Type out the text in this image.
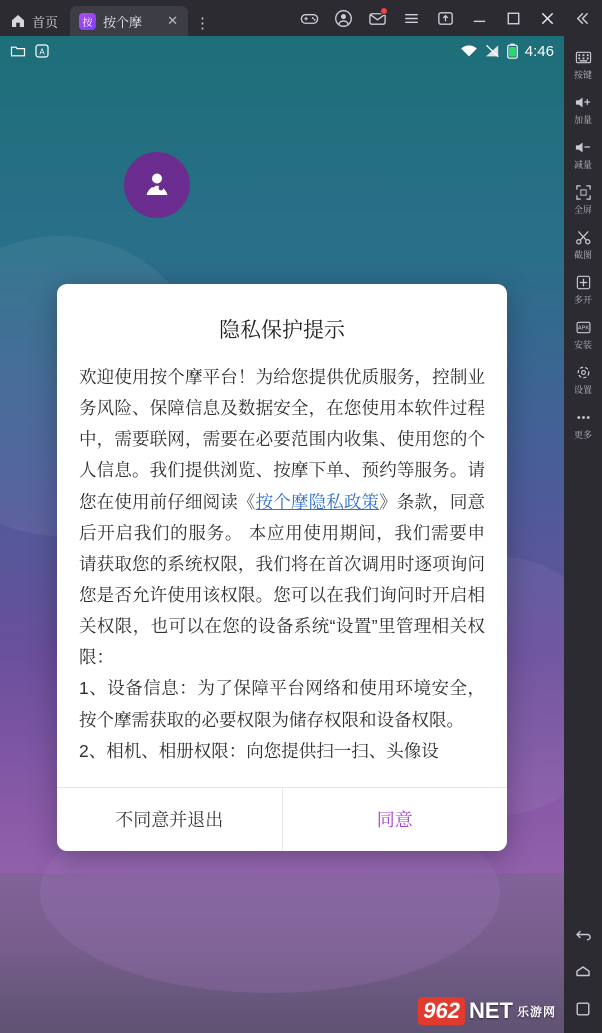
首页	按 按个摩	✕	⋮
A	4:46
隐私保护提示

欢迎使用按个摩平台！为给您提供优质服务，控制业务风险、保障信息及数据安全，在您使用本软件过程中，需要联网，需要在必要范围内收集、使用您的个人信息。我们提供浏览、按摩下单、预约等服务。请您在使用前仔细阅读《按个摩隐私政策》条款，同意后开启我们的服务。 本应用使用期间，我们需要申请获取您的系统权限，我们将在首次调用时逐项询问您是否允许使用该权限。您可以在我们询问时开启相关权限，也可以在您的设备系统“设置”里管理相关权限：

1、设备信息：为了保障平台网络和使用环境安全，按个摩需获取的必要权限为储存权限和设备权限。

2、相机、相册权限：向您提供扫一扫、头像设

不同意并退出	同意
962 NET 乐游网
按键
加量
减量
全屏
截图
多开
APK
安装
设置
更多
